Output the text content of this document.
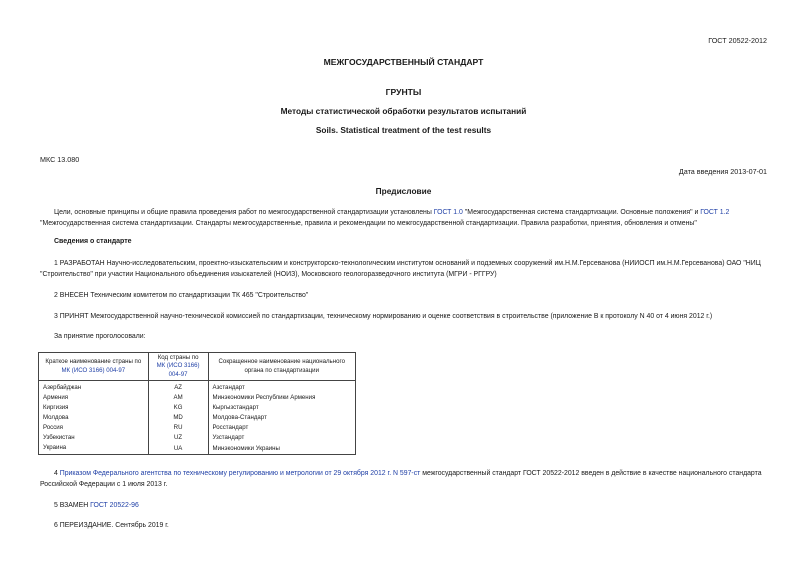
ГОСТ 20522-2012
МЕЖГОСУДАРСТВЕННЫЙ СТАНДАРТ
ГРУНТЫ
Методы статистической обработки результатов испытаний
Soils. Statistical treatment of the test results
МКС 13.080
Дата введения 2013-07-01
Предисловие
Цели, основные принципы и общие правила проведения работ по межгосударственной стандартизации установлены ГОСТ 1.0 "Межгосударственная система стандартизации. Основные положения" и ГОСТ 1.2 "Межгосударственная система стандартизации. Стандарты межгосударственные, правила и рекомендации по межгосударственной стандартизации. Правила разработки, принятия, обновления и отмены"
Сведения о стандарте
1 РАЗРАБОТАН Научно-исследовательским, проектно-изыскательским и конструкторско-технологическим институтом оснований и подземных сооружений им.Н.М.Герсеванова (НИИОСП им.Н.М.Герсеванова) ОАО "НИЦ "Строительство" при участии Национального объединения изыскателей (НОИЗ), Московского геологоразведочного института (МГРИ - РГГРУ)
2 ВНЕСЕН Техническим комитетом по стандартизации ТК 465 "Строительство"
3 ПРИНЯТ Межгосударственной научно-технической комиссией по стандартизации, техническому нормированию и оценке соответствия в строительстве (приложение В к протоколу N 40 от 4 июня 2012 г.)
За принятие проголосовали:
Краткое наименование страны по МК (ИСО 3166) 004-97	Код страны по МК (ИСО 3166) 004-97	Сокращенное наименование национального органа по стандартизации
Азербайджан	AZ	Азстандарт
Армения	AM	Минэкономики Республики Армения
Киргизия	KG	Кыргызстандарт
Молдова	MD	Молдова-Стандарт
Россия	RU	Росстандарт
Узбекистан	UZ	Узстандарт
Украина	UA	Минэкономики Украины
4 Приказом Федерального агентства по техническому регулированию и метрологии от 29 октября 2012 г. N 597-ст межгосударственный стандарт ГОСТ 20522-2012 введен в действие в качестве национального стандарта Российской Федерации с 1 июля 2013 г.
5 ВЗАМЕН ГОСТ 20522-96
6 ПЕРЕИЗДАНИЕ. Сентябрь 2019 г.
